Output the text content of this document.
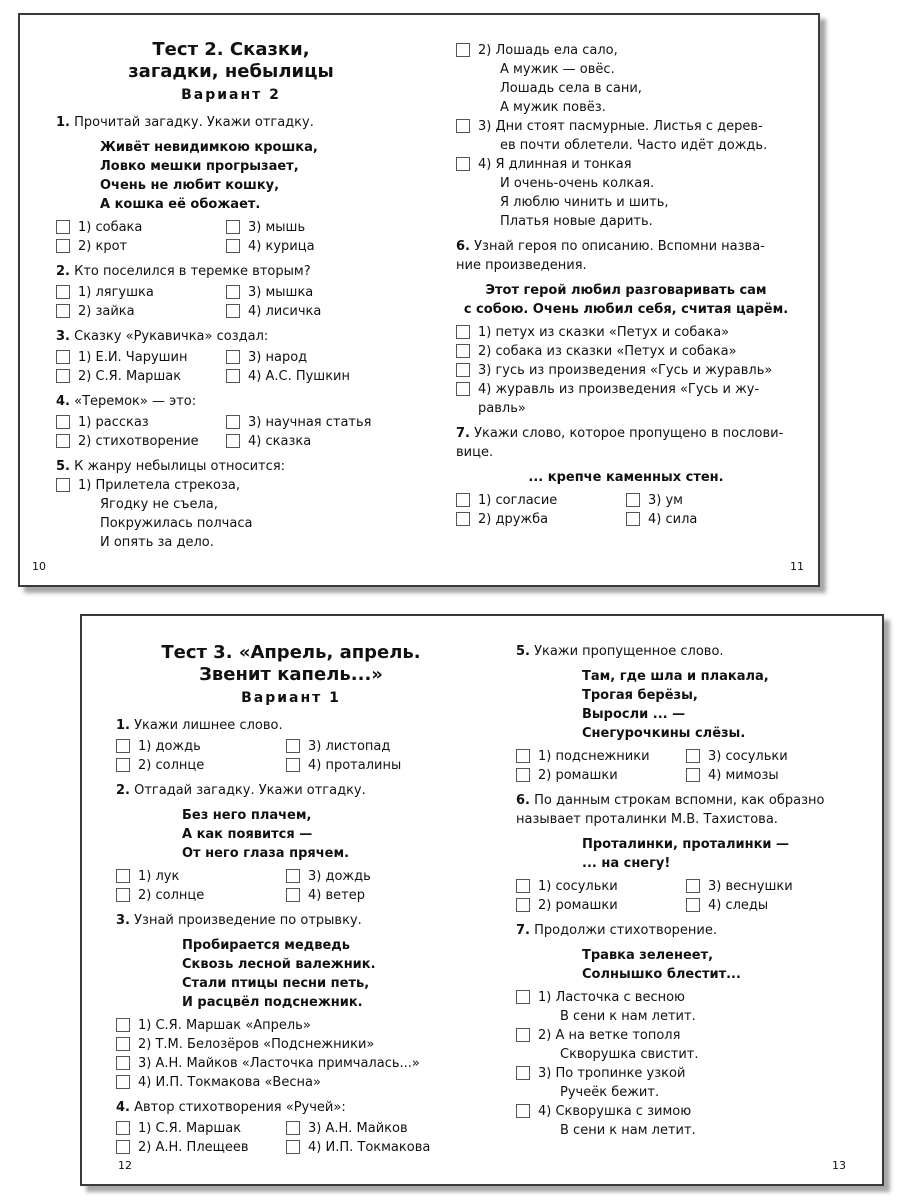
Тест 2. Сказки,
загадки, небылицы
Вариант 2
1. Прочитай загадку. Укажи отгадку.
Живёт невидимкою крошка,
Ловко мешки прогрызает,
Очень не любит кошку,
А кошка её обожает.
1) собака	3) мышь
2) крот	4) курица
2. Кто поселился в теремке вторым?
1) лягушка	3) мышка
2) зайка	4) лисичка
3. Сказку «Рукавичка» создал:
1) Е.И. Чарушин	3) народ
2) С.Я. Маршак	4) А.С. Пушкин
4. «Теремок» — это:
1) рассказ	3) научная статья
2) стихотворение	4) сказка
5. К жанру небылицы относится:
1) Прилетела стрекоза,
Ягодку не съела,
Покружилась полчаса
И опять за дело.
2) Лошадь ела сало,
А мужик — овёс.
Лошадь села в сани,
А мужик повёз.
3) Дни стоят пасмурные. Листья с дерев-
ев почти облетели. Часто идёт дождь.
4) Я длинная и тонкая
И очень-очень колкая.
Я люблю чинить и шить,
Платья новые дарить.
6. Узнай героя по описанию. Вспомни назва-
ние произведения.
Этот герой любил разговаривать сам
с собою. Очень любил себя, считая царём.
1) петух из сказки «Петух и собака»
2) собака из сказки «Петух и собака»
3) гусь из произведения «Гусь и журавль»
4) журавль из произведения «Гусь и жу-
равль»
7. Укажи слово, которое пропущено в послови-
вице.
... крепче каменных стен.
1) согласие	3) ум
2) дружба	4) сила
10	11
Тест 3. «Апрель, апрель.
Звенит капель...»
Вариант 1
1. Укажи лишнее слово.
1) дождь	3) листопад
2) солнце	4) проталины
2. Отгадай загадку. Укажи отгадку.
Без него плачем,
А как появится —
От него глаза прячем.
1) лук	3) дождь
2) солнце	4) ветер
3. Узнай произведение по отрывку.
Пробирается медведь
Сквозь лесной валежник.
Стали птицы песни петь,
И расцвёл подснежник.
1) С.Я. Маршак «Апрель»
2) Т.М. Белозёров «Подснежники»
3) А.Н. Майков «Ласточка примчалась...»
4) И.П. Токмакова «Весна»
4. Автор стихотворения «Ручей»:
1) С.Я. Маршак	3) А.Н. Майков
2) А.Н. Плещеев	4) И.П. Токмакова
5. Укажи пропущенное слово.
Там, где шла и плакала,
Трогая берёзы,
Выросли ... —
Снегурочкины слёзы.
1) подснежники	3) сосульки
2) ромашки	4) мимозы
6. По данным строкам вспомни, как образно
называет проталинки М.В. Тахистова.
Проталинки, проталинки —
... на снегу!
1) сосульки	3) веснушки
2) ромашки	4) следы
7. Продолжи стихотворение.
Травка зеленеет,
Солнышко блестит...
1) Ласточка с весною
В сени к нам летит.
2) А на ветке тополя
Скворушка свистит.
3) По тропинке узкой
Ручеёк бежит.
4) Скворушка с зимою
В сени к нам летит.
12	13
